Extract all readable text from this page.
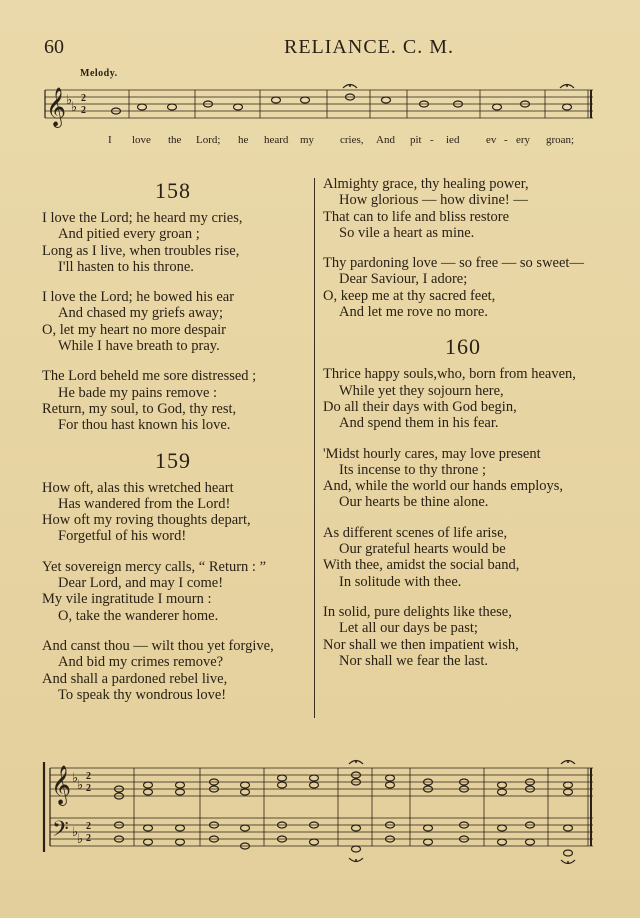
60	RELIANCE. C. M.
Melody.
𝄞 ♭
♭
2
2
I love the Lord; he heard my cries, And pit - ied ev - ery groan;
158
I love the Lord; he heard my cries,
And pitied every groan ;
Long as I live, when troubles rise,
I'll hasten to his throne.
I love the Lord; he bowed his ear
And chased my griefs away;
O, let my heart no more despair
While I have breath to pray.
The Lord beheld me sore distressed ;
He bade my pains remove :
Return, my soul, to God, thy rest,
For thou hast known his love.
159
How oft, alas this wretched heart
Has wandered from the Lord!
How oft my roving thoughts depart,
Forgetful of his word!
Yet sovereign mercy calls, “ Return : ”
Dear Lord, and may I come!
My vile ingratitude I mourn :
O, take the wanderer home.
And canst thou — wilt thou yet forgive,
And bid my crimes remove?
And shall a pardoned rebel live,
To speak thy wondrous love!
Almighty grace, thy healing power,
How glorious — how divine! —
That can to life and bliss restore
So vile a heart as mine.
Thy pardoning love — so free — so sweet—
Dear Saviour, I adore;
O, keep me at thy sacred feet,
And let me rove no more.
160
Thrice happy souls,who, born from heaven,
While yet they sojourn here,
Do all their days with God begin,
And spend them in his fear.
'Midst hourly cares, may love present
Its incense to thy throne ;
And, while the world our hands employs,
Our hearts be thine alone.
As different scenes of life arise,
Our grateful hearts would be
With thee, amidst the social band,
In solitude with thee.
In solid, pure delights like these,
Let all our days be past;
Nor shall we then impatient wish,
Nor shall we fear the last.
𝄞
𝄢
♭
♭
♭
♭
2
2
2
2
